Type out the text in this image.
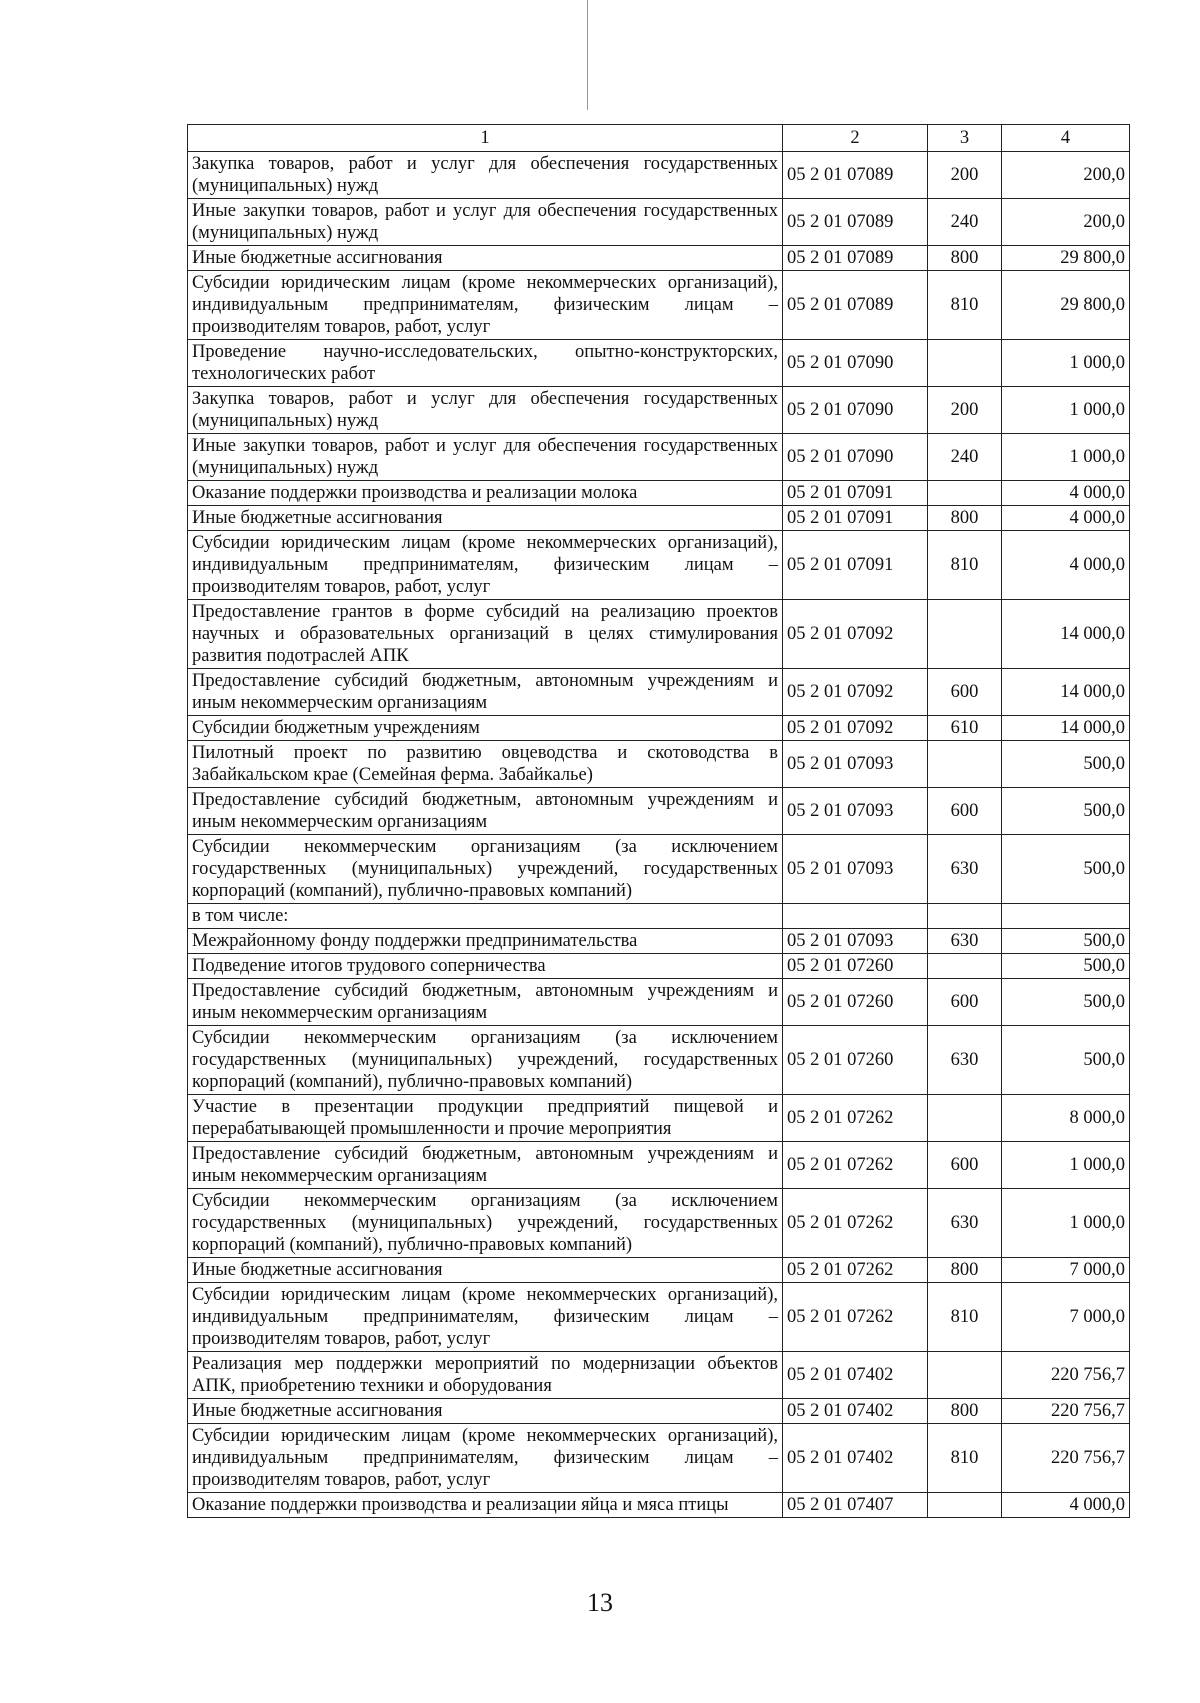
1	2	3	4
Закупка товаров, работ и услуг для обеспечения государственных (муниципальных) нужд	05 2 01 07089	200	200,0
Иные закупки товаров, работ и услуг для обеспечения государственных (муниципальных) нужд	05 2 01 07089	240	200,0
Иные бюджетные ассигнования	05 2 01 07089	800	29 800,0
Субсидии юридическим лицам (кроме некоммерческих организаций), индивидуальным предпринимателям, физическим лицам – производителям товаров, работ, услуг	05 2 01 07089	810	29 800,0
Проведение научно-исследовательских, опытно-конструкторских, технологических работ	05 2 01 07090		1 000,0
Закупка товаров, работ и услуг для обеспечения государственных (муниципальных) нужд	05 2 01 07090	200	1 000,0
Иные закупки товаров, работ и услуг для обеспечения государственных (муниципальных) нужд	05 2 01 07090	240	1 000,0
Оказание поддержки производства и реализации молока	05 2 01 07091		4 000,0
Иные бюджетные ассигнования	05 2 01 07091	800	4 000,0
Субсидии юридическим лицам (кроме некоммерческих организаций), индивидуальным предпринимателям, физическим лицам – производителям товаров, работ, услуг	05 2 01 07091	810	4 000,0
Предоставление грантов в форме субсидий на реализацию проектов научных и образовательных организаций в целях стимулирования развития подотраслей АПК	05 2 01 07092		14 000,0
Предоставление субсидий бюджетным, автономным учреждениям и иным некоммерческим организациям	05 2 01 07092	600	14 000,0
Субсидии бюджетным учреждениям	05 2 01 07092	610	14 000,0
Пилотный проект по развитию овцеводства и скотоводства в Забайкальском крае (Семейная ферма. Забайкалье)	05 2 01 07093		500,0
Предоставление субсидий бюджетным, автономным учреждениям и иным некоммерческим организациям	05 2 01 07093	600	500,0
Субсидии некоммерческим организациям (за исключением государственных (муниципальных) учреждений, государственных корпораций (компаний), публично-правовых компаний)	05 2 01 07093	630	500,0
в том числе:			
Межрайонному фонду поддержки предпринимательства	05 2 01 07093	630	500,0
Подведение итогов трудового соперничества	05 2 01 07260		500,0
Предоставление субсидий бюджетным, автономным учреждениям и иным некоммерческим организациям	05 2 01 07260	600	500,0
Субсидии некоммерческим организациям (за исключением государственных (муниципальных) учреждений, государственных корпораций (компаний), публично-правовых компаний)	05 2 01 07260	630	500,0
Участие в презентации продукции предприятий пищевой и перерабатывающей промышленности и прочие мероприятия	05 2 01 07262		8 000,0
Предоставление субсидий бюджетным, автономным учреждениям и иным некоммерческим организациям	05 2 01 07262	600	1 000,0
Субсидии некоммерческим организациям (за исключением государственных (муниципальных) учреждений, государственных корпораций (компаний), публично-правовых компаний)	05 2 01 07262	630	1 000,0
Иные бюджетные ассигнования	05 2 01 07262	800	7 000,0
Субсидии юридическим лицам (кроме некоммерческих организаций), индивидуальным предпринимателям, физическим лицам – производителям товаров, работ, услуг	05 2 01 07262	810	7 000,0
Реализация мер поддержки мероприятий по модернизации объектов АПК, приобретению техники и оборудования	05 2 01 07402		220 756,7
Иные бюджетные ассигнования	05 2 01 07402	800	220 756,7
Субсидии юридическим лицам (кроме некоммерческих организаций), индивидуальным предпринимателям, физическим лицам – производителям товаров, работ, услуг	05 2 01 07402	810	220 756,7
Оказание поддержки производства и реализации яйца и мяса птицы	05 2 01 07407		4 000,0
13
